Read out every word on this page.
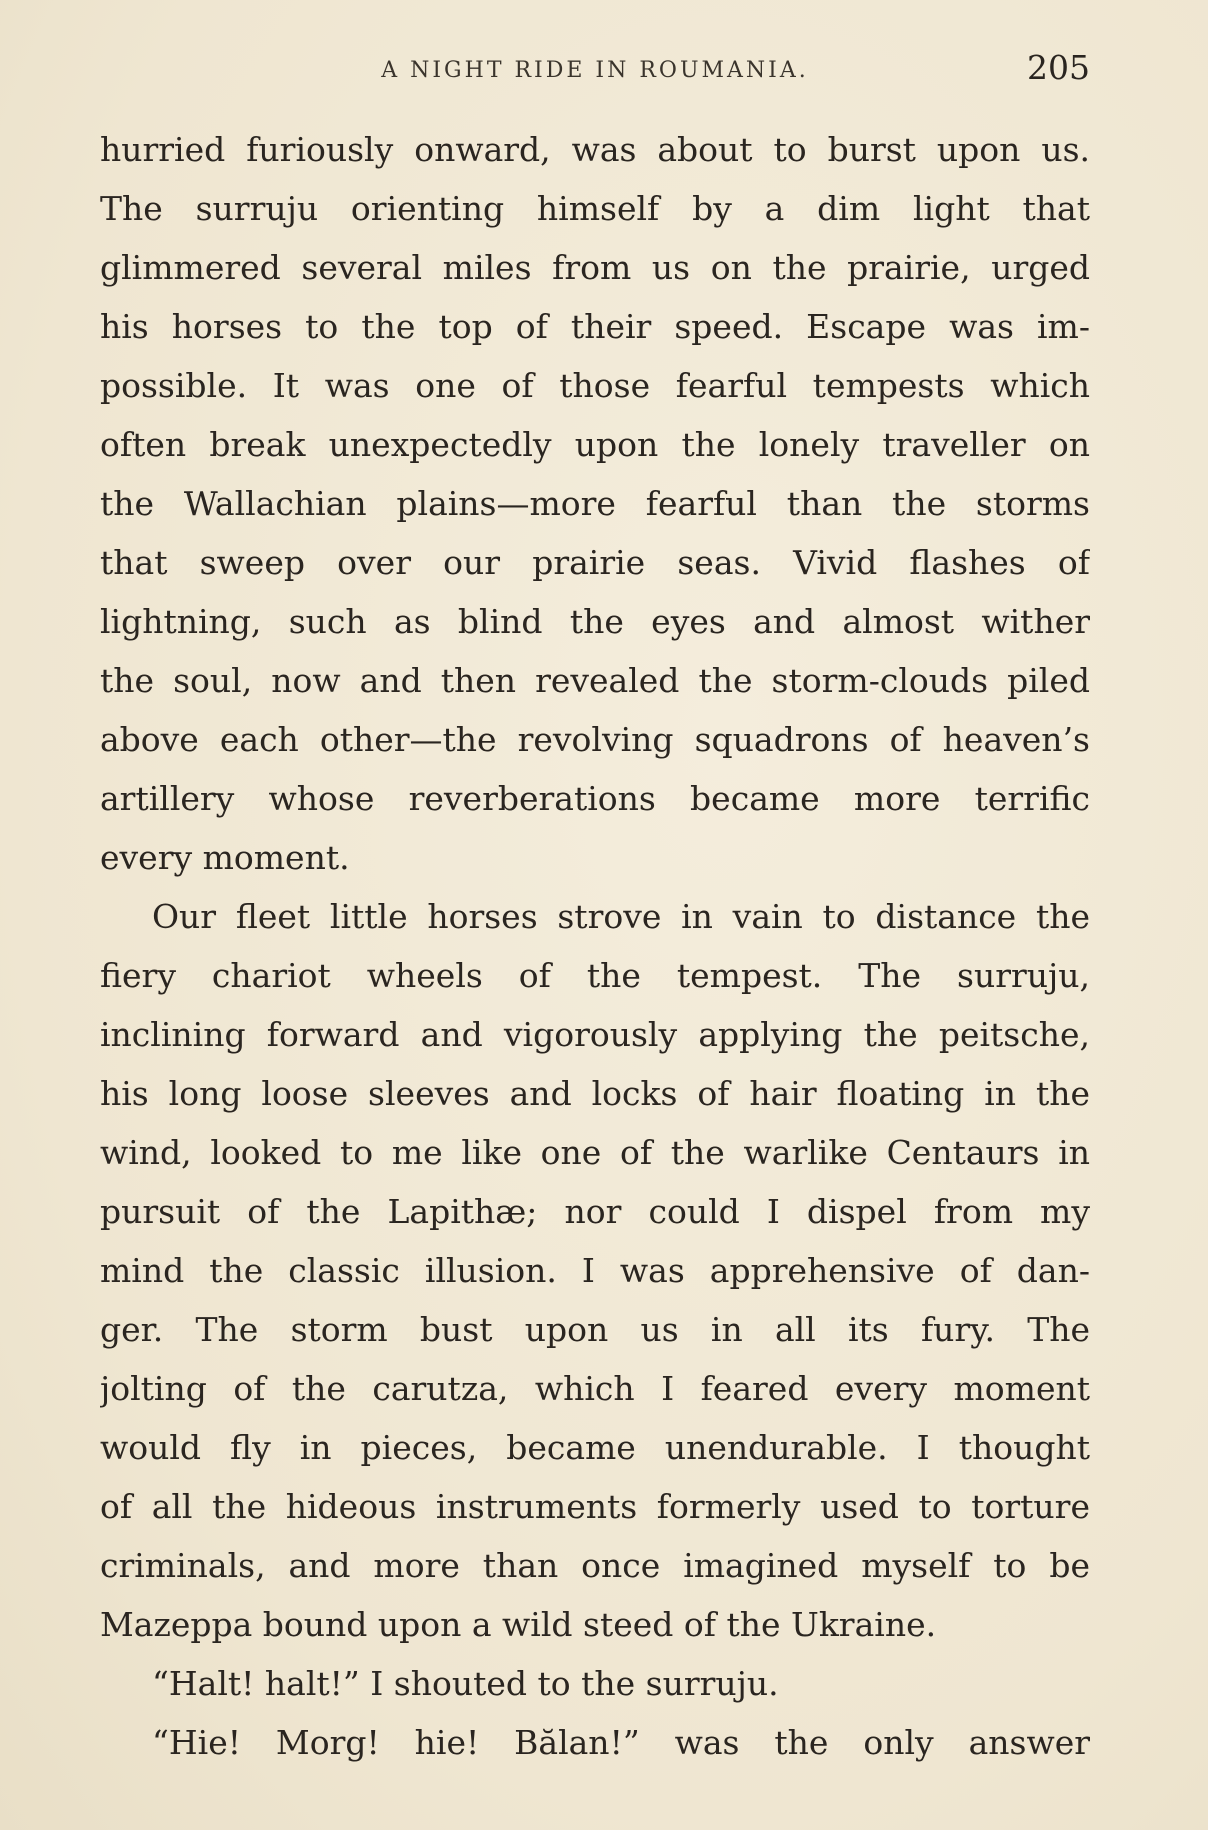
A NIGHT RIDE IN ROUMANIA.	205
hurried furiously onward, was about to burst upon us.
The surruju orienting himself by a dim light that
glimmered several miles from us on the prairie, urged
his horses to the top of their speed. Escape was im-
possible. It was one of those fearful tempests which
often break unexpectedly upon the lonely traveller on
the Wallachian plains—more fearful than the storms
that sweep over our prairie seas. Vivid flashes of
lightning, such as blind the eyes and almost wither
the soul, now and then revealed the storm-clouds piled
above each other—the revolving squadrons of heaven’s
artillery whose reverberations became more terrific
every moment.
Our fleet little horses strove in vain to distance the
fiery chariot wheels of the tempest. The surruju,
inclining forward and vigorously applying the peitsche,
his long loose sleeves and locks of hair floating in the
wind, looked to me like one of the warlike Centaurs in
pursuit of the Lapithæ; nor could I dispel from my
mind the classic illusion. I was apprehensive of dan-
ger. The storm bust upon us in all its fury. The
jolting of the carutza, which I feared every moment
would fly in pieces, became unendurable. I thought
of all the hideous instruments formerly used to torture
criminals, and more than once imagined myself to be
Mazeppa bound upon a wild steed of the Ukraine.
“Halt! halt!” I shouted to the surruju.
“Hie! Morg! hie! Bălan!” was the only answer
